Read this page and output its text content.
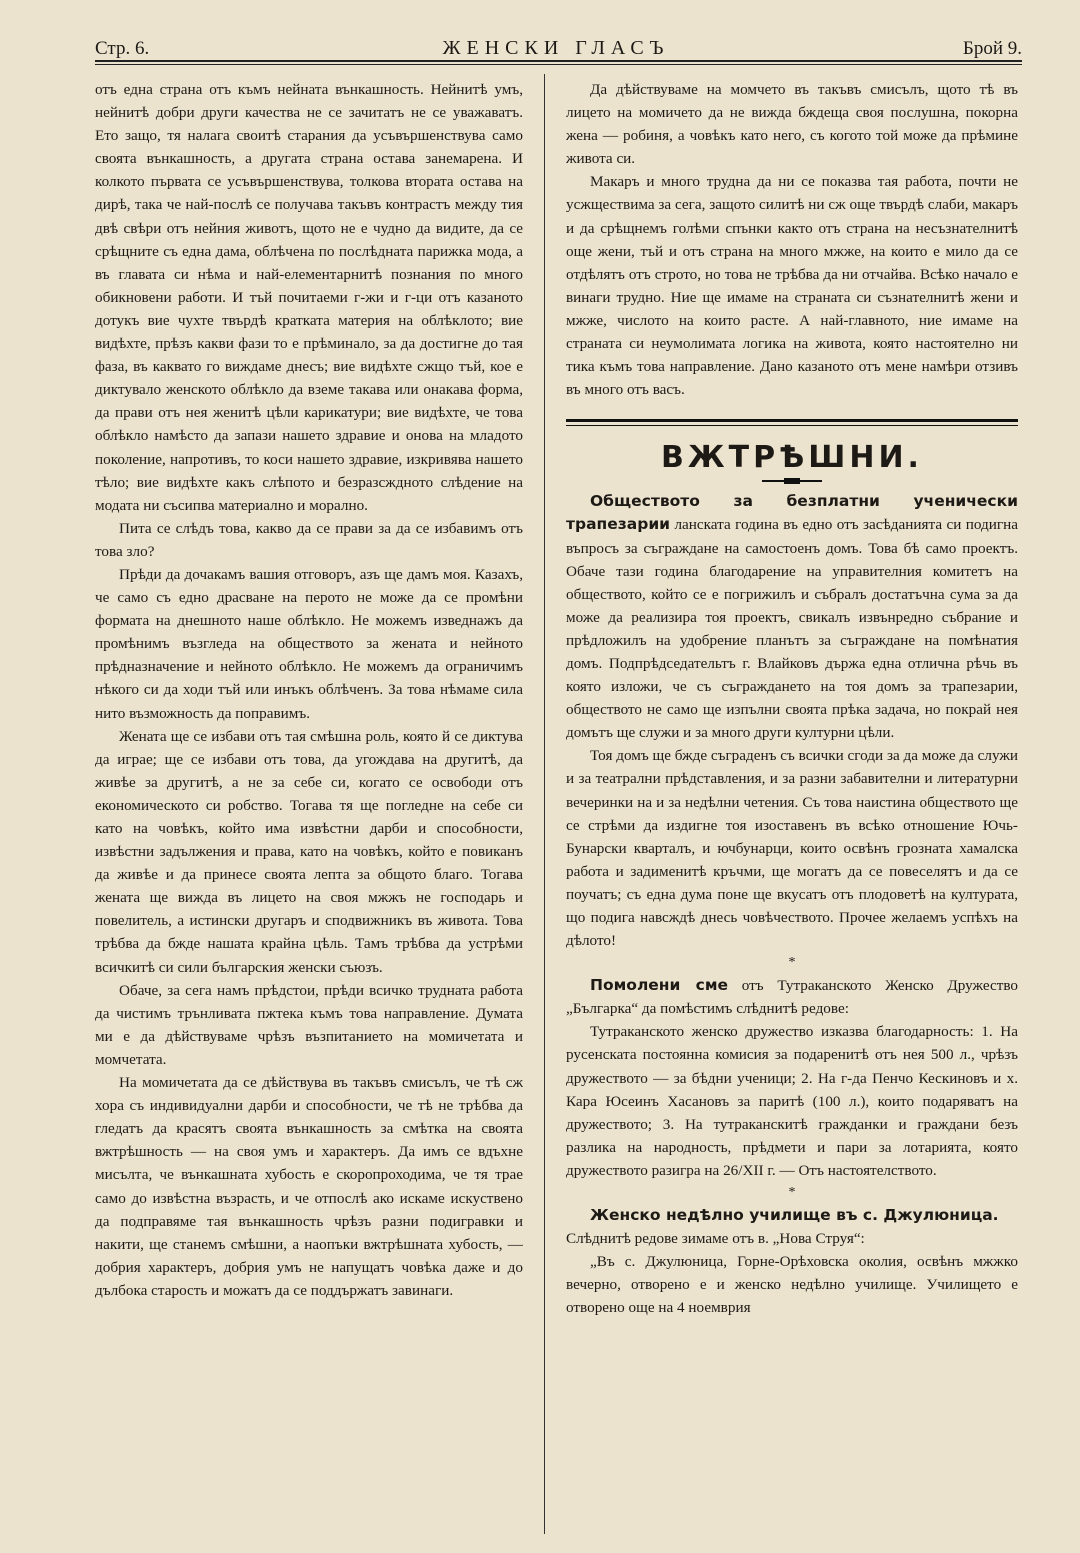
Стр. 6.	ЖЕНСКИ ГЛАСЪ	Брой 9.

отъ една страна отъ къмъ нейната вънкашность. Нейнитѣ умъ, нейнитѣ добри други качества не се зачитатъ не се уважаватъ. Ето защо, тя налага своитѣ старания да усъвършенствува само своята вънкашность, а другата страна остава занемарена. И колкото първата се усъвършенствува, толкова втората остава на дирѣ, така че най-послѣ се получава такъвъ контрастъ между тия двѣ свѣри отъ нейния животъ, щото не е чудно да видите, да се срѣщните съ една дама, облѣчена по послѣдната парижка мода, а въ главата си нѣма и най-елементарнитѣ познания по много обикновени работи. И тъй почитаеми г-жи и г-ци отъ казаното дотукъ вие чухте твърдѣ кратката материя на облѣклото; вие видѣхте, прѣзъ какви фази то е прѣминало, за да достигне до тая фаза, въ каквато го виждаме днесъ; вие видѣхте сжщо тъй, кое е диктувало женското облѣкло да вземе такава или онакава форма, да прави отъ нея женитѣ цѣли карикатури; вие видѣхте, че това облѣкло намѣсто да запази нашето здравие и онова на младото поколение, напротивъ, то коси нашето здравие, изкривява нашето тѣло; вие видѣхте какъ слѣпото и безразсждното слѣдение на модата ни съсипва материално и морално.

Пита се слѣдъ това, какво да се прави за да се избавимъ отъ това зло?

Прѣди да дочакамъ вашия отговоръ, азъ ще дамъ моя. Казахъ, че само съ едно драсване на перото не може да се промѣни формата на днешното наше облѣкло. Не можемъ изведнажъ да промѣнимъ възгледа на обществото за жената и нейното прѣдназначение и нейното облѣкло. Не можемъ да ограничимъ нѣкого си да ходи тъй или инъкъ облѣченъ. За това нѣмаме сила нито възможность да поправимъ.

Жената ще се избави отъ тая смѣшна роль, която й се диктува да играе; ще се избави отъ това, да угождава на другитѣ, да живѣе за другитѣ, а не за себе си, когато се освободи отъ економическото си робство. Тогава тя ще погледне на себе си като на човѣкъ, който има извѣстни дарби и способности, извѣстни задължения и права, като на човѣкъ, който е повиканъ да живѣе и да принесе своята лепта за общото благо. Тогава жената ще вижда въ лицето на своя мжжъ не господарь и повелитель, а истински другаръ и сподвижникъ въ живота. Това трѣбва да бжде нашата крайна цѣль. Тамъ трѣбва да устрѣми всичкитѣ си сили българския женски съюзъ.

Обаче, за сега намъ прѣдстои, прѣди всичко трудната работа да чистимъ трънливата пжтека къмъ това направление. Думата ми е да дѣйствуваме чрѣзъ възпитанието на момичетата и момчетата.

На момичетата да се дѣйствува въ такъвъ смисълъ, че тѣ сж хора съ индивидуални дарби и способности, че тѣ не трѣбва да гледатъ да красятъ своята вънкашность за смѣтка на своята вжтрѣшность — на своя умъ и характеръ. Да имъ се вдъхне мисълта, че вънкашната хубость е скоропроходима, че тя трае само до извѣстна възрасть, и че отпослѣ ако искаме искуствено да подправяме тая вънкашность чрѣзъ разни подигравки и накити, ще станемъ смѣшни, а наопъки вжтрѣшната хубость, — добрия характеръ, добрия умъ не напущатъ човѣка даже и до дълбока старость и можатъ да се поддържатъ завинаги.

Да дѣйствуваме на момчето въ такъвъ смисълъ, щото тѣ въ лицето на момичето да не вижда бждеща своя послушна, покорна жена — робиня, а човѣкъ като него, съ когото той може да прѣмине живота си.

Макаръ и много трудна да ни се показва тая работа, почти не усжществима за сега, защото силитѣ ни сж още твърдѣ слаби, макаръ и да срѣщнемъ голѣми спънки както отъ страна на несъзнателнитѣ още жени, тъй и отъ страна на много мжже, на които е мило да се отдѣлятъ отъ строто, но това не трѣбва да ни отчайва. Всѣко начало е винаги трудно. Ние ще имаме на страната си съзнателнитѣ жени и мжже, числото на които расте. А най-главното, ние имаме на страната си неумолимата логика на живота, която настоятелно ни тика къмъ това направление. Дано казаното отъ мене намѣри отзивъ въ много отъ васъ.

ВЖТРѢШНИ.

Обществото за безплатни ученически трапезарии ланската година въ едно отъ засѣданията си подигна въпросъ за съграждане на самостоенъ домъ. Това бѣ само проектъ. Обаче тази година благодарение на управителния комитетъ на обществото, който се е погрижилъ и събралъ достатъчна сума за да може да реализира тоя проектъ, свикалъ извънредно събрание и прѣдложилъ на удобрение планътъ за съграждане на помѣнатия домъ. Подпрѣдседательтъ г. Влайковъ държа една отлична рѣчь въ която изложи, че съ съграждането на тоя домъ за трапезарии, обществото не само ще изпълни своята прѣка задача, но покрай нея домътъ ще служи и за много други културни цѣли.

Тоя домъ ще бжде съграденъ съ всички сгоди за да може да служи и за театрални прѣдставления, и за разни забавителни и литературни вечеринки на и за недѣлни четения. Съ това наистина обществото ще се стрѣми да издигне тоя изоставенъ въ всѣко отношение Ючь-Бунарски кварталъ, и ючбунарци, които освѣнъ грозната хамалска работа и задименитѣ кръчми, ще могатъ да се повеселятъ и да се поучатъ; съ една дума поне ще вкусатъ отъ плодоветѣ на културата, що подига навсждѣ днесь човѣчеството. Прочее желаемъ успѣхъ на дѣлото!

*

Помолени сме отъ Тутраканското Женско Дружество „Българка“ да помѣстимъ слѣднитѣ редове:

Тутраканското женско дружество изказва благодарность: 1. На русенската постоянна комисия за подаренитѣ отъ нея 500 л., чрѣзъ дружеството — за бѣдни ученици; 2. На г-да Пенчо Кескиновъ и х. Кара Юсеинъ Хасановъ за паритѣ (100 л.), които подаряватъ на дружеството; 3. На тутраканскитѣ гражданки и граждани безъ разлика на народность, прѣдмети и пари за лотарията, която дружеството разигра на 26/XII г. — Отъ настоятелството.

*

Женско недѣлно училище въ с. Джулюница.

Слѣднитѣ редове зимаме отъ в. „Нова Струя“:

„Въ с. Джулюница, Горне-Орѣховска околия, освѣнъ мжжко вечерно, отворено е и женско недѣлно училище. Училището е отворено още на 4 ноемврия
